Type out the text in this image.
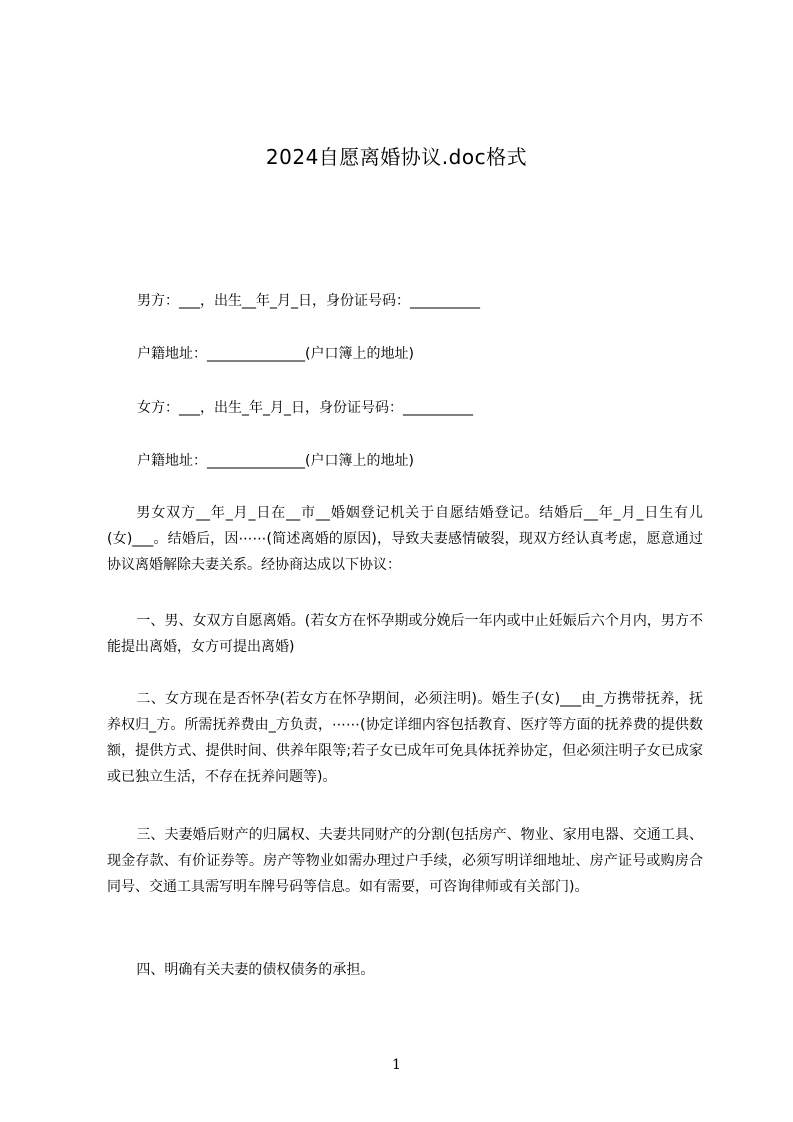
2024自愿离婚协议.doc格式
男方：___，出生__年_月_日，身份证号码：__________
户籍地址：______________(户口簿上的地址)
女方：___，出生_年_月_日，身份证号码：__________
户籍地址：______________(户口簿上的地址)
男女双方__年_月_日在__市__婚姻登记机关于自愿结婚登记。结婚后__年_月_日生有儿(女)___。结婚后，因⋯⋯(简述离婚的原因)，导致夫妻感情破裂，现双方经认真考虑，愿意通过协议离婚解除夫妻关系。经协商达成以下协议：
一、男、女双方自愿离婚。(若女方在怀孕期或分娩后一年内或中止妊娠后六个月内，男方不能提出离婚，女方可提出离婚)
二、女方现在是否怀孕(若女方在怀孕期间，必须注明)。婚生子(女)___由_方携带抚养，抚养权归_方。所需抚养费由_方负责，⋯⋯(协定详细内容包括教育、医疗等方面的抚养费的提供数额，提供方式、提供时间、供养年限等;若子女已成年可免具体抚养协定，但必须注明子女已成家或已独立生活，不存在抚养问题等)。
三、夫妻婚后财产的归属权、夫妻共同财产的分割(包括房产、物业、家用电器、交通工具、现金存款、有价证券等。房产等物业如需办理过户手续，必须写明详细地址、房产证号或购房合同号、交通工具需写明车牌号码等信息。如有需要，可咨询律师或有关部门)。
四、明确有关夫妻的债权债务的承担。
1
